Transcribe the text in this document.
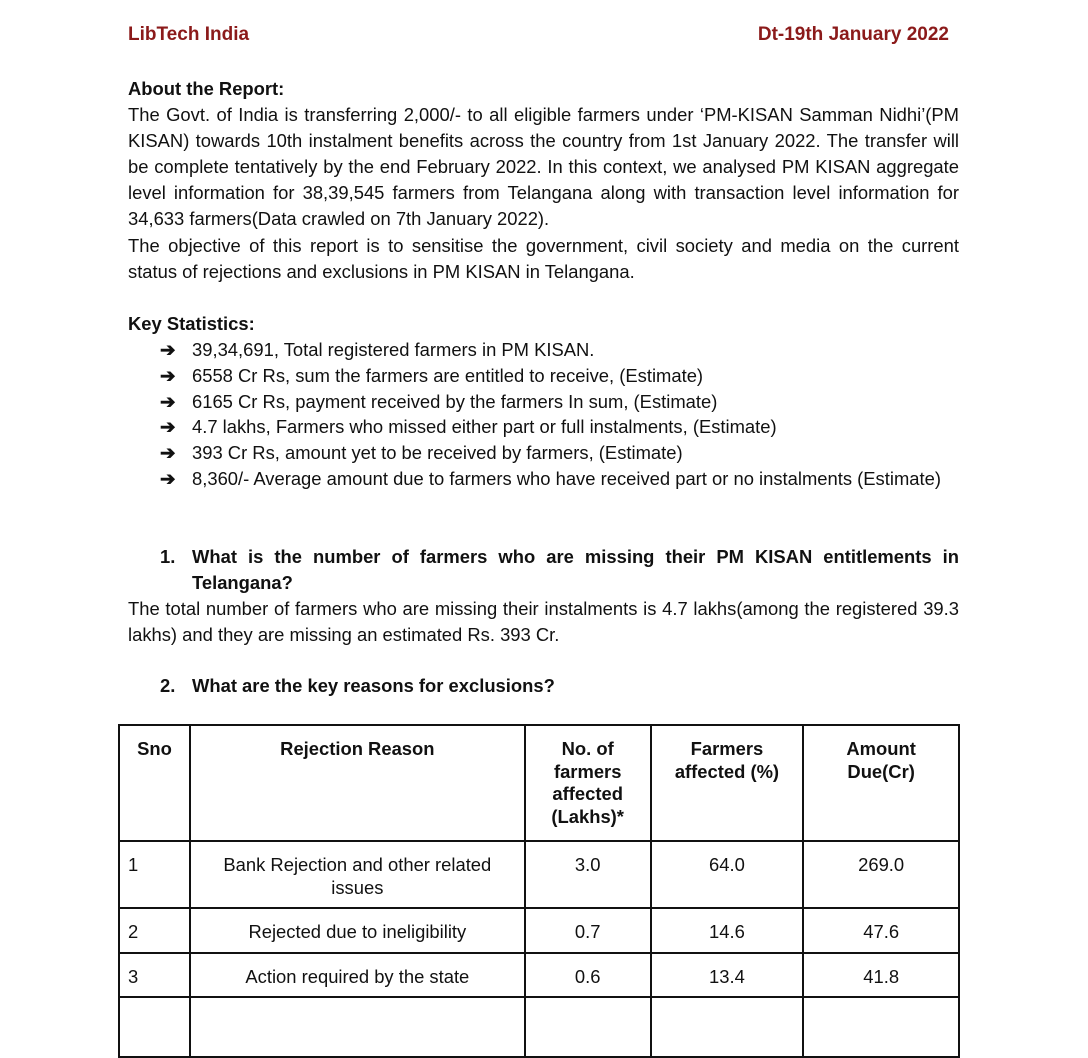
LibTech India	Dt-19th January 2022
About the Report:
The Govt. of India is transferring 2,000/- to all eligible farmers under ‘PM-KISAN Samman Nidhi’(PM KISAN) towards 10th instalment benefits across the country from 1st January 2022. The transfer will be complete tentatively by the end February 2022. In this context, we analysed PM KISAN aggregate level information for 38,39,545 farmers from Telangana along with transaction level information for 34,633 farmers(Data crawled on 7th January 2022).
The objective of this report is to sensitise the government, civil society and media on the current status of rejections and exclusions in PM KISAN in Telangana.
Key Statistics:
➔ 39,34,691, Total registered farmers in PM KISAN.
➔ 6558 Cr Rs, sum the farmers are entitled to receive, (Estimate)
➔ 6165 Cr Rs, payment received by the farmers In sum, (Estimate)
➔ 4.7 lakhs, Farmers who missed either part or full instalments, (Estimate)
➔ 393 Cr Rs, amount yet to be received by farmers, (Estimate)
➔ 8,360/- Average amount due to farmers who have received part or no instalments (Estimate)
1. What is the number of farmers who are missing their PM KISAN entitlements in Telangana?
The total number of farmers who are missing their instalments is 4.7 lakhs(among the registered 39.3 lakhs) and they are missing an estimated Rs. 393 Cr.
2. What are the key reasons for exclusions?
Sno	Rejection Reason	No. of farmers affected (Lakhs)*	Farmers affected (%)	Amount Due(Cr)
1	Bank Rejection and other related issues	3.0	64.0	269.0
2	Rejected due to ineligibility	0.7	14.6	47.6
3	Action required by the state	0.6	13.4	41.8
